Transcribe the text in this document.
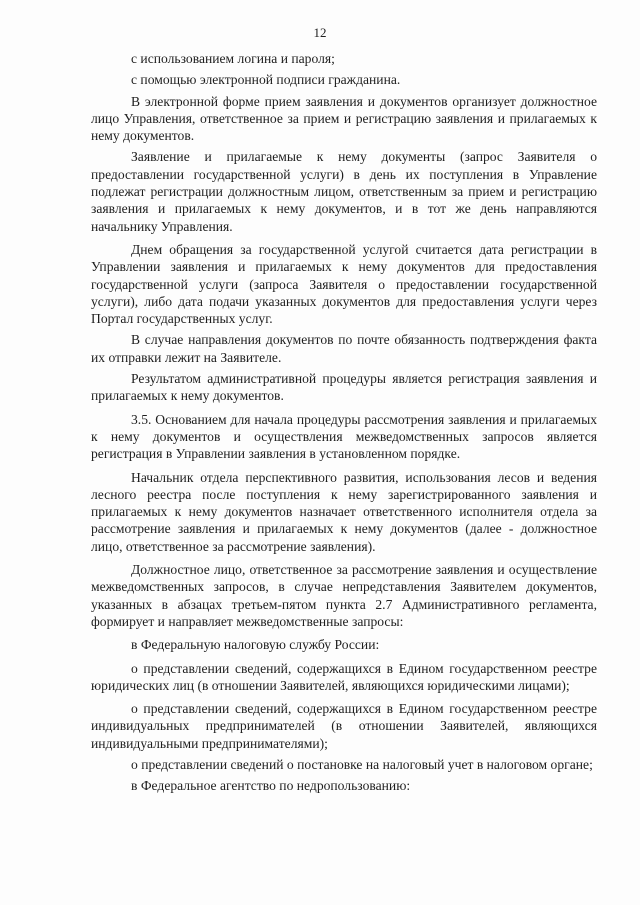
12

с использованием логина и пароля;

с помощью электронной подписи гражданина.

В электронной форме прием заявления и документов организует должностное лицо Управления, ответственное за прием и регистрацию заявления и прилагаемых к нему документов.

Заявление и прилагаемые к нему документы (запрос Заявителя о предоставлении государственной услуги) в день их поступления в Управление подлежат регистрации должностным лицом, ответственным за прием и регистрацию заявления и прилагаемых к нему документов, и в тот же день направляются начальнику Управления.

Днем обращения за государственной услугой считается дата регистрации в Управлении заявления и прилагаемых к нему документов для предоставления государственной услуги (запроса Заявителя о предоставлении государственной услуги), либо дата подачи указанных документов для предоставления услуги через Портал государственных услуг.

В случае направления документов по почте обязанность подтверждения факта их отправки лежит на Заявителе.

Результатом административной процедуры является регистрация заявления и прилагаемых к нему документов.

3.5. Основанием для начала процедуры рассмотрения заявления и прилагаемых к нему документов и осуществления межведомственных запросов является регистрация в Управлении заявления в установленном порядке.

Начальник отдела перспективного развития, использования лесов и ведения лесного реестра после поступления к нему зарегистрированного заявления и прилагаемых к нему документов назначает ответственного исполнителя отдела за рассмотрение заявления и прилагаемых к нему документов (далее - должностное лицо, ответственное за рассмотрение заявления).

Должностное лицо, ответственное за рассмотрение заявления и осуществление межведомственных запросов, в случае непредставления Заявителем документов, указанных в абзацах третьем-пятом пункта 2.7 Административного регламента, формирует и направляет межведомственные запросы:

в Федеральную налоговую службу России:

о представлении сведений, содержащихся в Едином государственном реестре юридических лиц (в отношении Заявителей, являющихся юридическими лицами);

о представлении сведений, содержащихся в Едином государственном реестре индивидуальных предпринимателей (в отношении Заявителей, являющихся индивидуальными предпринимателями);

о представлении сведений о постановке на налоговый учет в налоговом органе;

в Федеральное агентство по недропользованию:
